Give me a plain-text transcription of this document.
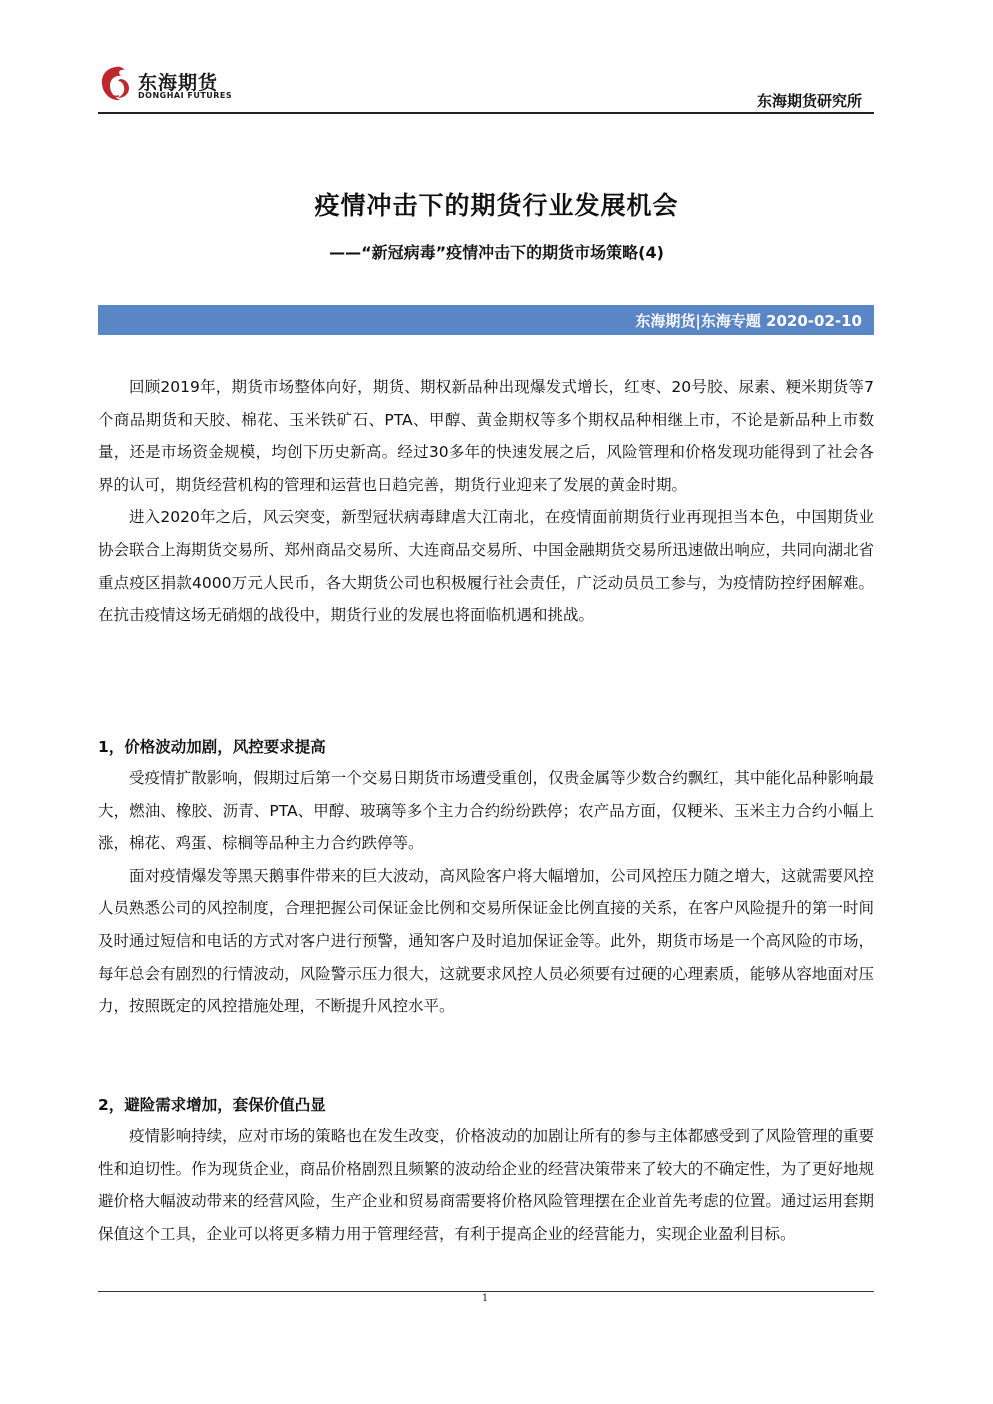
东海期货
DONGHAI FUTURES	东海期货研究所
疫情冲击下的期货行业发展机会
——“新冠病毒”疫情冲击下的期货市场策略(4)
东海期货|东海专题 2020-02-10

回顾2019年，期货市场整体向好，期货、期权新品种出现爆发式增长，红枣、20号胶、尿素、粳米期货等7个商品期货和天胶、棉花、玉米铁矿石、PTA、甲醇、黄金期权等多个期权品种相继上市，不论是新品种上市数量，还是市场资金规模，均创下历史新高。经过30多年的快速发展之后，风险管理和价格发现功能得到了社会各界的认可，期货经营机构的管理和运营也日趋完善，期货行业迎来了发展的黄金时期。

进入2020年之后，风云突变，新型冠状病毒肆虐大江南北，在疫情面前期货行业再现担当本色，中国期货业协会联合上海期货交易所、郑州商品交易所、大连商品交易所、中国金融期货交易所迅速做出响应，共同向湖北省重点疫区捐款4000万元人民币，各大期货公司也积极履行社会责任，广泛动员员工参与，为疫情防控纾困解难。在抗击疫情这场无硝烟的战役中，期货行业的发展也将面临机遇和挑战。

1，价格波动加剧，风控要求提高

受疫情扩散影响，假期过后第一个交易日期货市场遭受重创，仅贵金属等少数合约飘红，其中能化品种影响最大，燃油、橡胶、沥青、PTA、甲醇、玻璃等多个主力合约纷纷跌停；农产品方面，仅粳米、玉米主力合约小幅上涨，棉花、鸡蛋、棕榈等品种主力合约跌停等。

面对疫情爆发等黑天鹅事件带来的巨大波动，高风险客户将大幅增加，公司风控压力随之增大，这就需要风控人员熟悉公司的风控制度，合理把握公司保证金比例和交易所保证金比例直接的关系，在客户风险提升的第一时间及时通过短信和电话的方式对客户进行预警，通知客户及时追加保证金等。此外，期货市场是一个高风险的市场，每年总会有剧烈的行情波动，风险警示压力很大，这就要求风控人员必须要有过硬的心理素质，能够从容地面对压力，按照既定的风控措施处理，不断提升风控水平。

2，避险需求增加，套保价值凸显

疫情影响持续，应对市场的策略也在发生改变，价格波动的加剧让所有的参与主体都感受到了风险管理的重要性和迫切性。作为现货企业，商品价格剧烈且频繁的波动给企业的经营决策带来了较大的不确定性，为了更好地规避价格大幅波动带来的经营风险，生产企业和贸易商需要将价格风险管理摆在企业首先考虑的位置。通过运用套期保值这个工具，企业可以将更多精力用于管理经营，有利于提高企业的经营能力，实现企业盈利目标。

1
